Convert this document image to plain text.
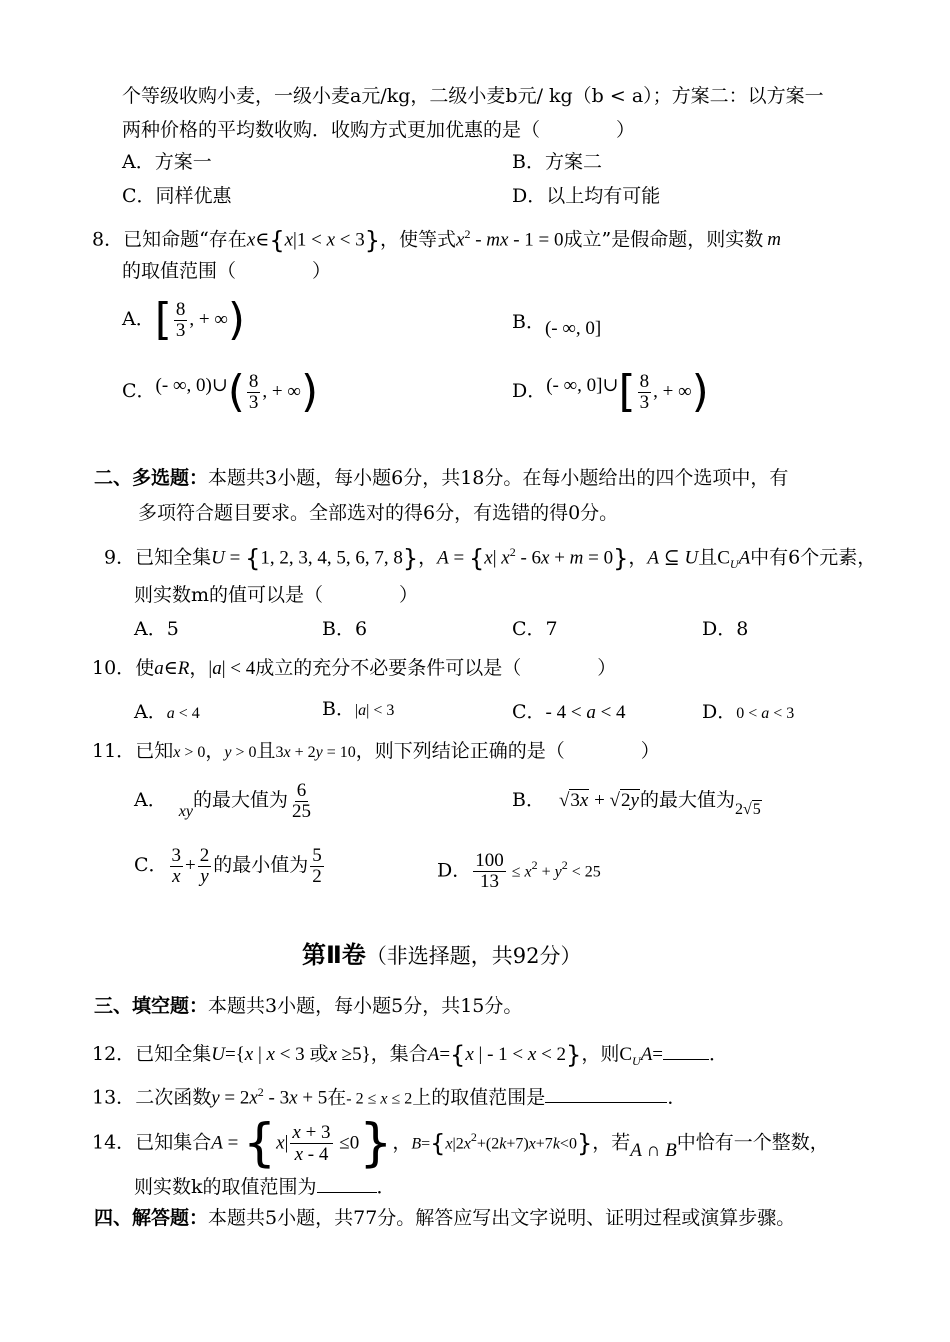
个等级收购小麦，一级小麦a元/kg，二级小麦b元/ kg（b < a）；方案二：以方案一
两种价格的平均数收购．收购方式更加优惠的是（　　　　）
A．方案一	B．方案二
C．同样优惠	D．以上均有可能
8．已知命题“存在x∈{x|1 < x < 3}，使等式$x^2$ - mx - 1 = 0成立”是假命题，则实数 m
的取值范围（　　　　）
A．[ $\frac{8}{3}$ , + ∞)	B．(- ∞, 0]
C．(- ∞, 0)∪( $\frac{8}{3}$ , + ∞)	D．(- ∞, 0]∪[ $\frac{8}{3}$ , + ∞)
二、多选题：本题共3小题，每小题6分，共18分。在每小题给出的四个选项中，有
多项符合题目要求。全部选对的得6分，有选错的得0分。
9．已知全集U = {1, 2, 3, 4, 5, 6, 7, 8}，A = {x| $x^2 - 6x + m = 0$}，A ⊆ U且$C_UA$中有6个元素，
则实数m的值可以是（　　　　）
A．5	B．6	C．7	D．8
10．使a∈R，|a| < 4成立的充分不必要条件可以是（　　　　）
A．a < 4	B．|a| < 3	C．- 4 < a < 4	D．0 < a < 3
11．已知x > 0，y > 0且3x + 2y = 10，则下列结论正确的是（　　　　）
A．$_{xy}$的最大值为 $\frac{6}{25}$	B． √3x + √2y的最大值为$_{2√5}$
C． $\frac{3}{x} + \frac{2}{y}$ 的最小值为 $\frac{5}{2}$	D． $\frac{100}{13} \le x^2 + y^2 < 25$
第Ⅱ卷（非选择题，共92分）
三、填空题：本题共3小题，每小题5分，共15分。
12．已知全集U={x | x < 3 或x ≥5}，集合A={x | - 1 < x < 2}，则$C_UA=$ ．
13．二次函数$y = 2x^2 - 3x + 5$在- 2 ≤ x ≤ 2上的取值范围是	．
14．已知集合$A = \{x| \frac{x + 3}{x - 4} \le 0\}$，$B=\{x|2x^2+(2k+7)x+7k<0\}$，若A ∩ B中恰有一个整数，
则实数k的取值范围为	．
四、解答题：本题共5小题，共77分。解答应写出文字说明、证明过程或演算步骤。
